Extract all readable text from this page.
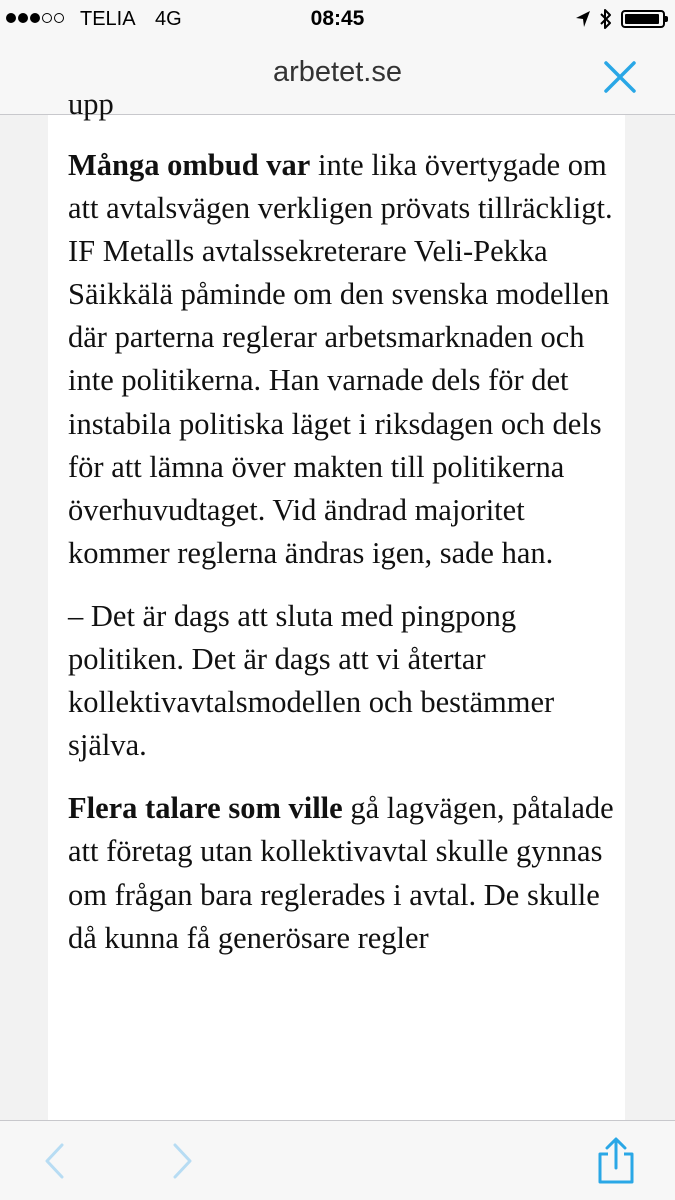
TELIA 4G	08:45
arbetet.se

upp

Många ombud var inte lika övertygade om att avtalsvägen verkligen prövats tillräckligt. IF Metalls avtalssekreterare Veli-Pekka Säikkälä påminde om den svenska modellen där parterna reglerar arbetsmarknaden och inte politikerna. Han varnade dels för det instabila politiska läget i riksdagen och dels för att lämna över makten till politikerna överhuvudtaget. Vid ändrad majoritet kommer reglerna ändras igen, sade han.

– Det är dags att sluta med pingpong politiken. Det är dags att vi återtar kollektivavtalsmodellen och bestämmer själva.

Flera talare som ville gå lagvägen, påtalade att företag utan kollektivavtal skulle gynnas om frågan bara reglerades i avtal. De skulle då kunna få generösare regler
